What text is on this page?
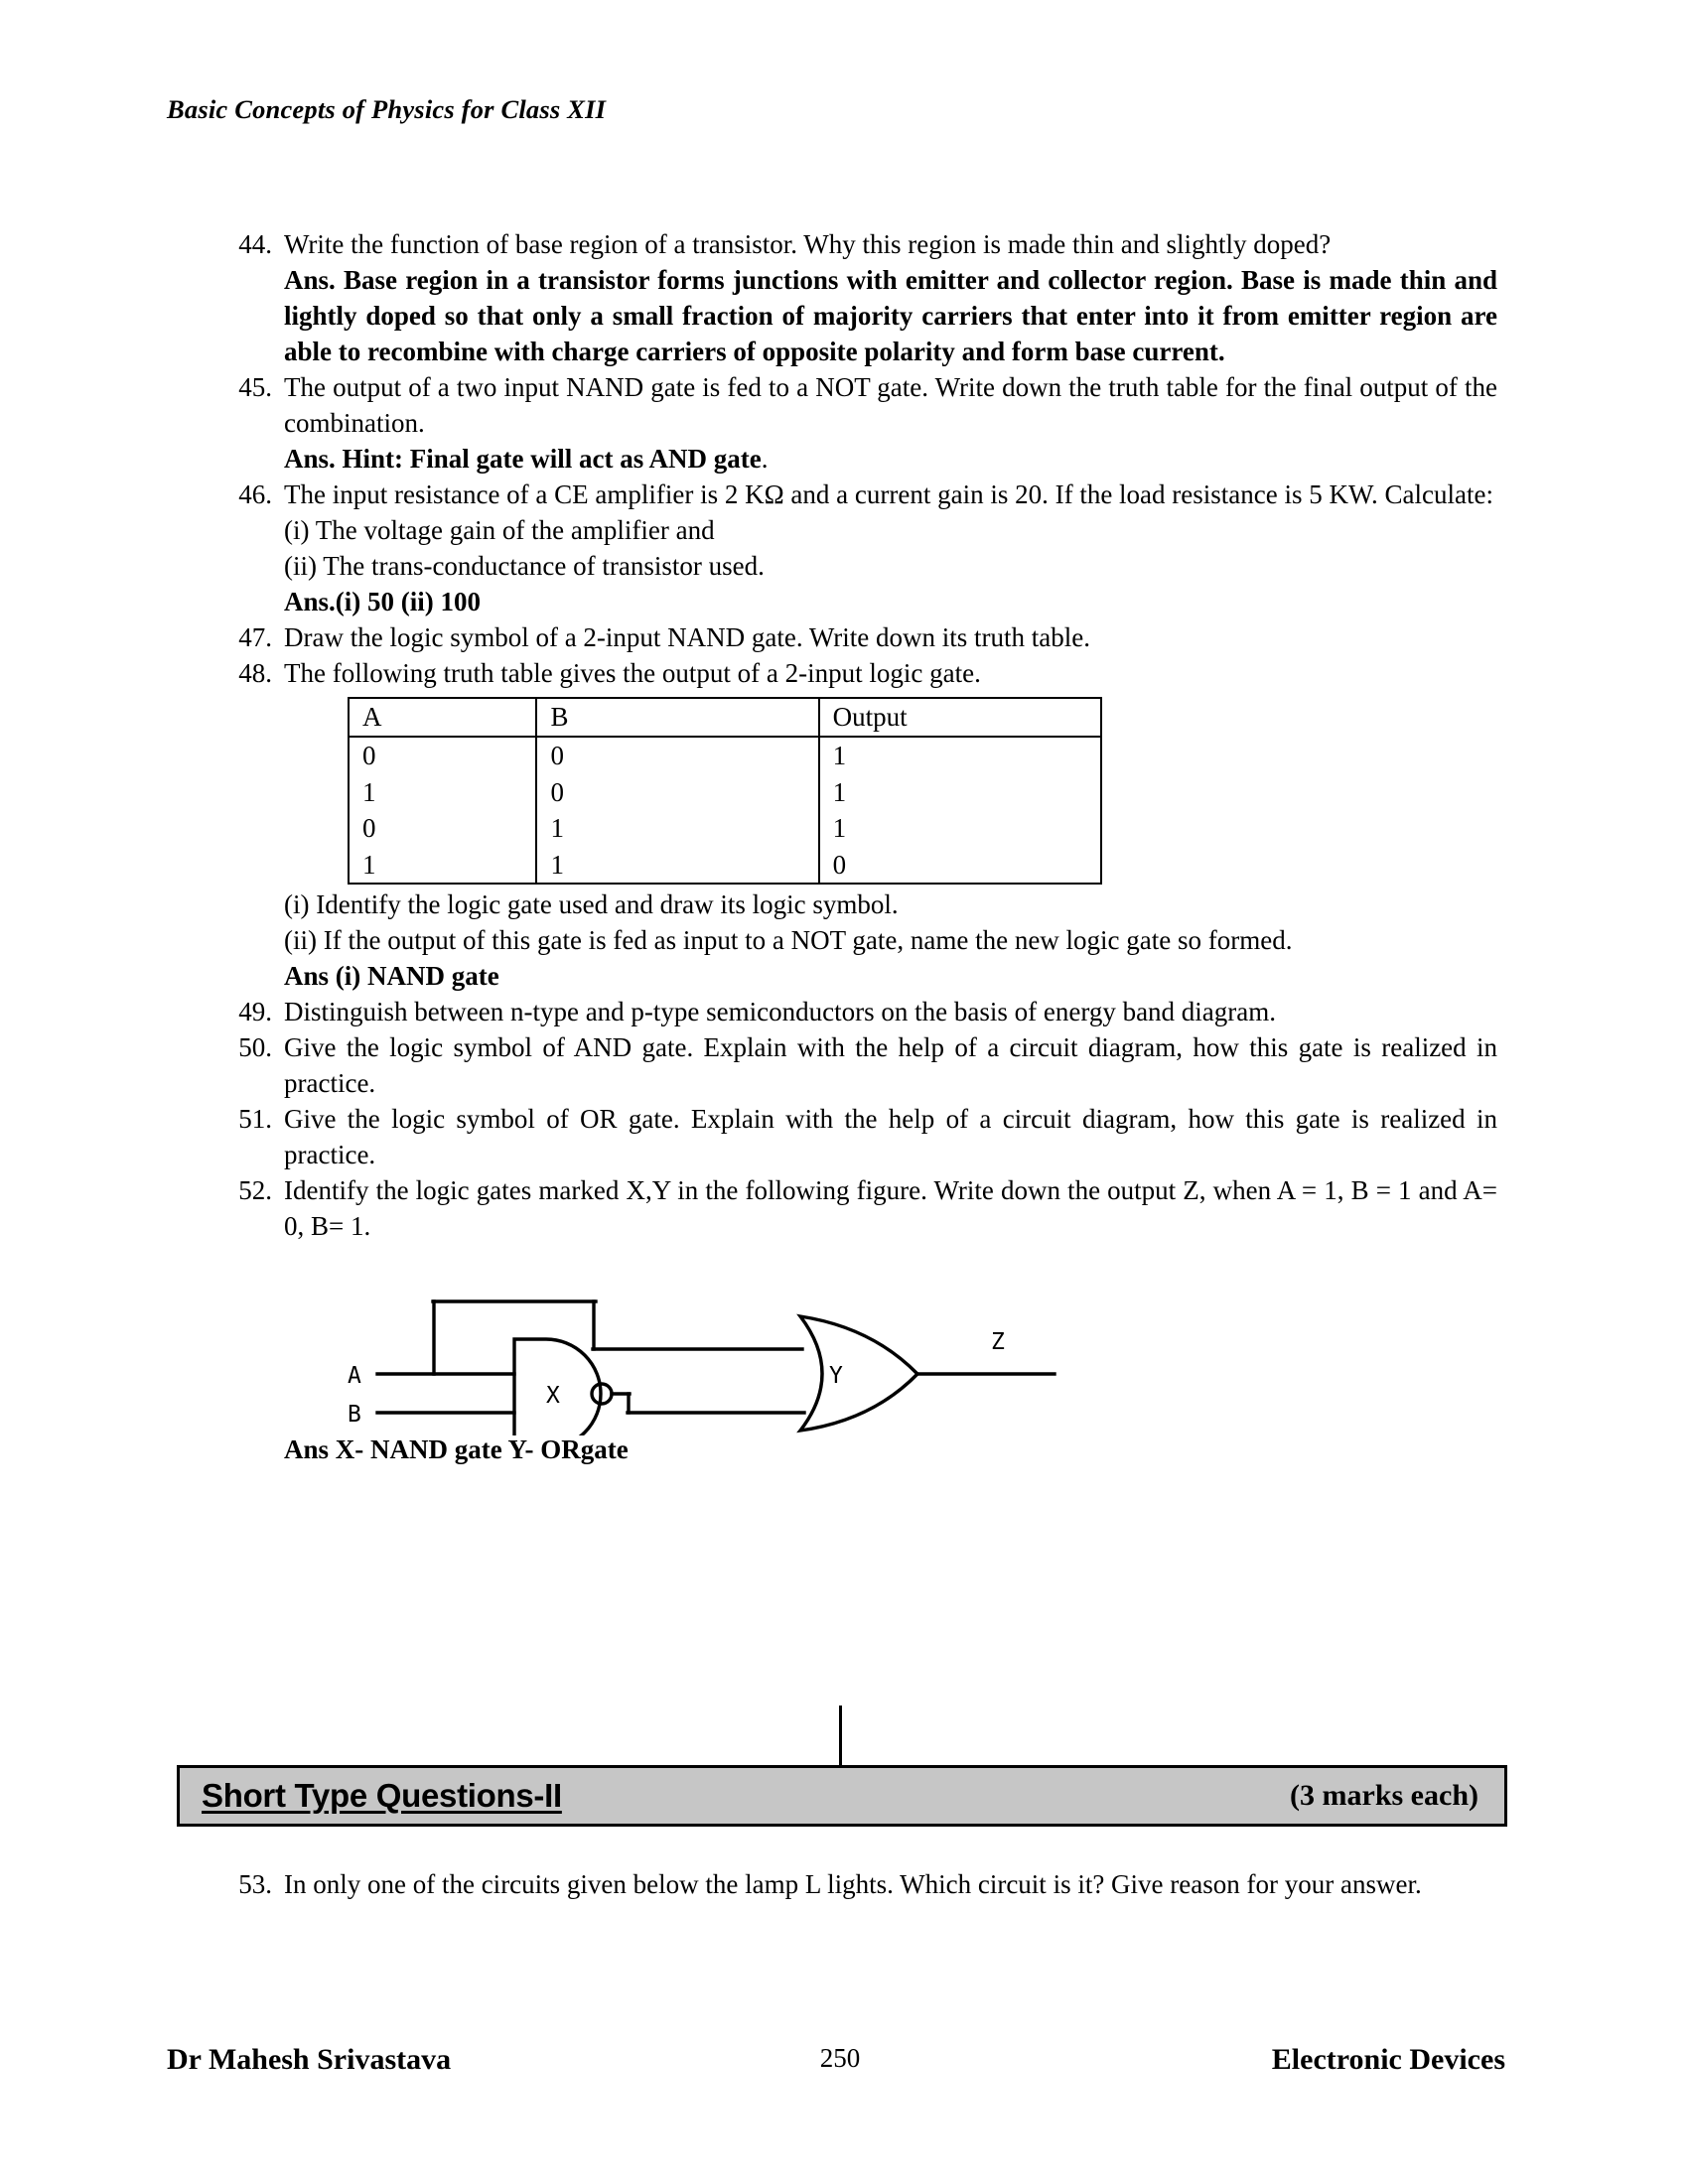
Basic Concepts of Physics for Class XII
44. Write the function of base region of a transistor. Why this region is made thin and slightly doped?
Ans. Base region in a transistor forms junctions with emitter and collector region. Base is made thin and lightly doped so that only a small fraction of majority carriers that enter into it from emitter region are able to recombine with charge carriers of opposite polarity and form base current.
45. The output of a two input NAND gate is fed to a NOT gate. Write down the truth table for the final output of the combination.
Ans. Hint: Final gate will act as AND gate.
46. The input resistance of a CE amplifier is 2 KΩ and a current gain is 20. If the load resistance is 5 KW. Calculate:
(i) The voltage gain of the amplifier and
(ii) The trans-conductance of transistor used.
Ans.(i) 50 (ii) 100
47. Draw the logic symbol of a 2-input NAND gate. Write down its truth table.
48. The following truth table gives the output of a 2-input logic gate.
A	B	Output
0	0	1
1	0	1
0	1	1
1	1	0
(i) Identify the logic gate used and draw its logic symbol.
(ii) If the output of this gate is fed as input to a NOT gate, name the new logic gate so formed.
Ans (i) NAND gate
49. Distinguish between n-type and p-type semiconductors on the basis of energy band diagram.
50. Give the logic symbol of AND gate. Explain with the help of a circuit diagram, how this gate is realized in practice.
51. Give the logic symbol of OR gate. Explain with the help of a circuit diagram, how this gate is realized in practice.
52. Identify the logic gates marked X,Y in the following figure. Write down the output Z, when A = 1, B = 1 and A= 0, B= 1.
A
B
X
Y
Z
Ans X- NAND gate Y- ORgate
Short Type Questions-II	(3 marks each)
53. In only one of the circuits given below the lamp L lights. Which circuit is it? Give reason for your answer.
Dr Mahesh Srivastava	250	Electronic Devices
